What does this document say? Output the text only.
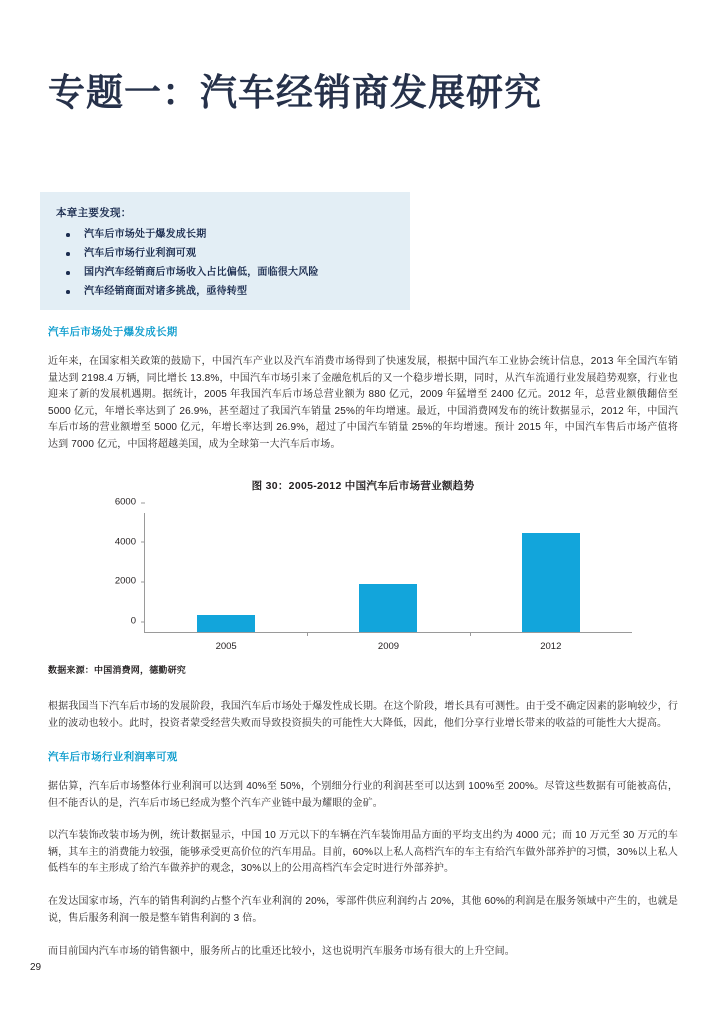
专题一：汽车经销商发展研究
本章主要发现：
汽车后市场处于爆发成长期
汽车后市场行业利润可观
国内汽车经销商后市场收入占比偏低，面临很大风险
汽车经销商面对诸多挑战，亟待转型
汽车后市场处于爆发成长期

近年来，在国家相关政策的鼓励下，中国汽车产业以及汽车消费市场得到了快速发展，根据中国汽车工业协会统计信息，2013 年全国汽车销量达到 2198.4 万辆，同比增长 13.8%，中国汽车市场引来了金融危机后的又一个稳步增长期，同时，从汽车流通行业发展趋势观察，行业也迎来了新的发展机遇期。据统计，2005 年我国汽车后市场总营业额为 880 亿元，2009 年猛增至 2400 亿元。2012 年，总营业额俄翻倍至 5000 亿元，年增长率达到了 26.9%，甚至超过了我国汽车销量 25%的年均增速。最近，中国消费网发布的统计数据显示，2012 年，中国汽车后市场的营业额增至 5000 亿元，年增长率达到 26.9%，超过了中国汽车销量 25%的年均增速。预计 2015 年，中国汽车售后市场产值将达到 7000 亿元，中国将超越美国，成为全球第一大汽车后市场。

图 30：2005-2012 中国汽车后市场营业额趋势
6000
4000
2000
0
2005	2009	2012
数据来源：中国消费网，德勤研究

根据我国当下汽车后市场的发展阶段，我国汽车后市场处于爆发性成长期。在这个阶段，增长具有可测性。由于受不确定因素的影响较少，行业的波动也较小。此时，投资者蒙受经营失败而导致投资损失的可能性大大降低，因此，他们分享行业增长带来的收益的可能性大大提高。

汽车后市场行业利润率可观

据估算，汽车后市场整体行业利润可以达到 40%至 50%，个别细分行业的利润甚至可以达到 100%至 200%。尽管这些数据有可能被高估，但不能否认的是，汽车后市场已经成为整个汽车产业链中最为耀眼的金矿。

以汽车装饰改装市场为例，统计数据显示，中国 10 万元以下的车辆在汽车装饰用品方面的平均支出约为 4000 元；而 10 万元至 30 万元的车辆，其车主的消费能力较强，能够承受更高价位的汽车用品。目前，60%以上私人高档汽车的车主有给汽车做外部养护的习惯，30%以上私人低档车的车主形成了给汽车做养护的观念，30%以上的公用高档汽车会定时进行外部养护。

在发达国家市场，汽车的销售利润约占整个汽车业利润的 20%，零部件供应利润约占 20%，其他 60%的利润是在服务领域中产生的，也就是说，售后服务利润一般是整车销售利润的 3 倍。

而目前国内汽车市场的销售额中，服务所占的比重还比较小，这也说明汽车服务市场有很大的上升空间。

29
